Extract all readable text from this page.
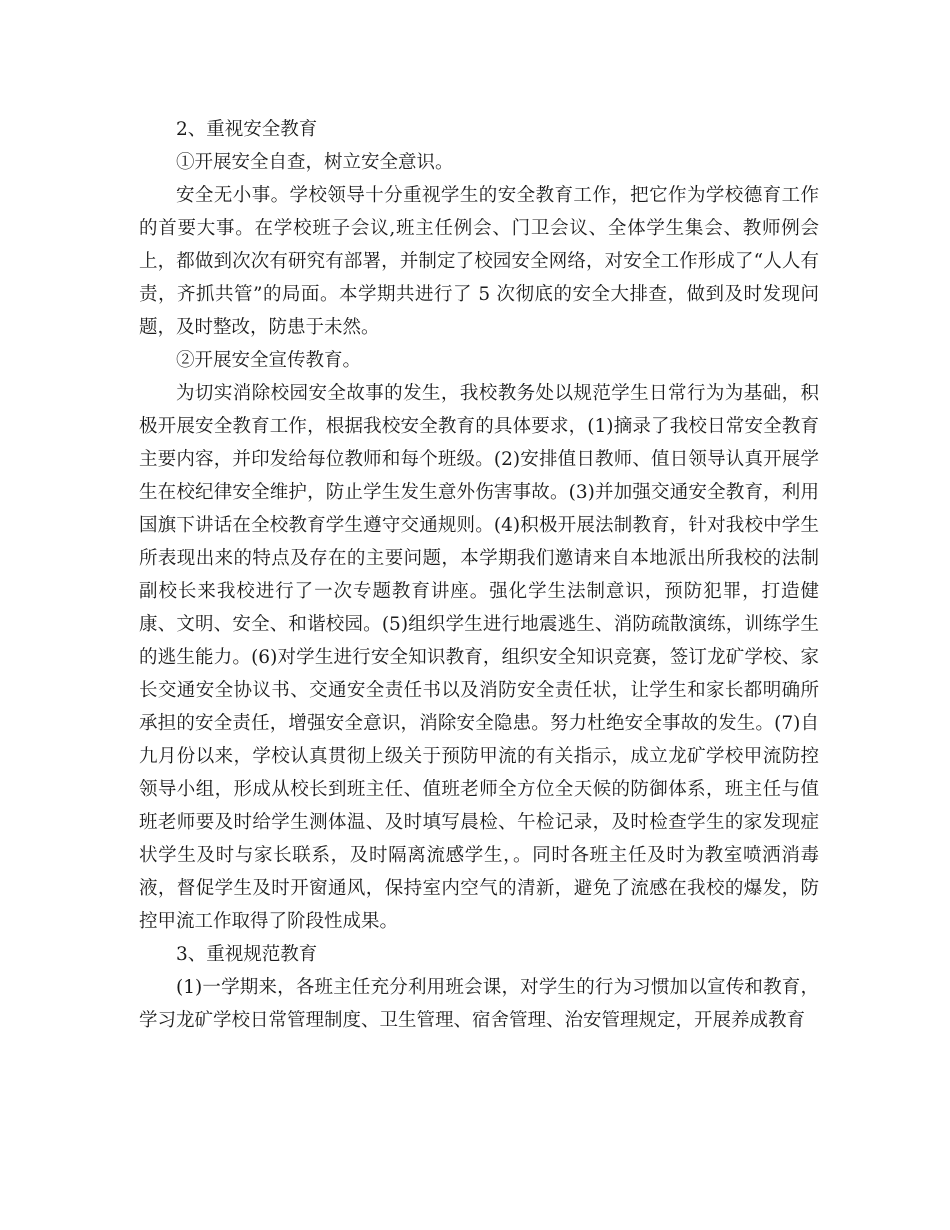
2、重视安全教育

①开展安全自查，树立安全意识。

安全无小事。学校领导十分重视学生的安全教育工作，把它作为学校德育工作的首要大事。在学校班子会议,班主任例会、门卫会议、全体学生集会、教师例会上，都做到次次有研究有部署，并制定了校园安全网络，对安全工作形成了“人人有责，齐抓共管”的局面。本学期共进行了 5 次彻底的安全大排查，做到及时发现问题，及时整改，防患于未然。

②开展安全宣传教育。

为切实消除校园安全故事的发生，我校教务处以规范学生日常行为为基础，积极开展安全教育工作，根据我校安全教育的具体要求，(1)摘录了我校日常安全教育主要内容，并印发给每位教师和每个班级。(2)安排值日教师、值日领导认真开展学生在校纪律安全维护，防止学生发生意外伤害事故。(3)并加强交通安全教育，利用国旗下讲话在全校教育学生遵守交通规则。(4)积极开展法制教育，针对我校中学生所表现出来的特点及存在的主要问题，本学期我们邀请来自本地派出所我校的法制副校长来我校进行了一次专题教育讲座。强化学生法制意识，预防犯罪，打造健康、文明、安全、和谐校园。(5)组织学生进行地震逃生、消防疏散演练，训练学生的逃生能力。(6)对学生进行安全知识教育，组织安全知识竞赛，签订龙矿学校、家长交通安全协议书、交通安全责任书以及消防安全责任状，让学生和家长都明确所承担的安全责任，增强安全意识，消除安全隐患。努力杜绝安全事故的发生。(7)自九月份以来，学校认真贯彻上级关于预防甲流的有关指示，成立龙矿学校甲流防控领导小组，形成从校长到班主任、值班老师全方位全天候的防御体系，班主任与值班老师要及时给学生测体温、及时填写晨检、午检记录，及时检查学生的家发现症状学生及时与家长联系，及时隔离流感学生，。同时各班主任及时为教室喷洒消毒液，督促学生及时开窗通风，保持室内空气的清新，避免了流感在我校的爆发，防控甲流工作取得了阶段性成果。

3、重视规范教育

(1)一学期来，各班主任充分利用班会课，对学生的行为习惯加以宣传和教育，学习龙矿学校日常管理制度、卫生管理、宿舍管理、治安管理规定，开展养成教育
